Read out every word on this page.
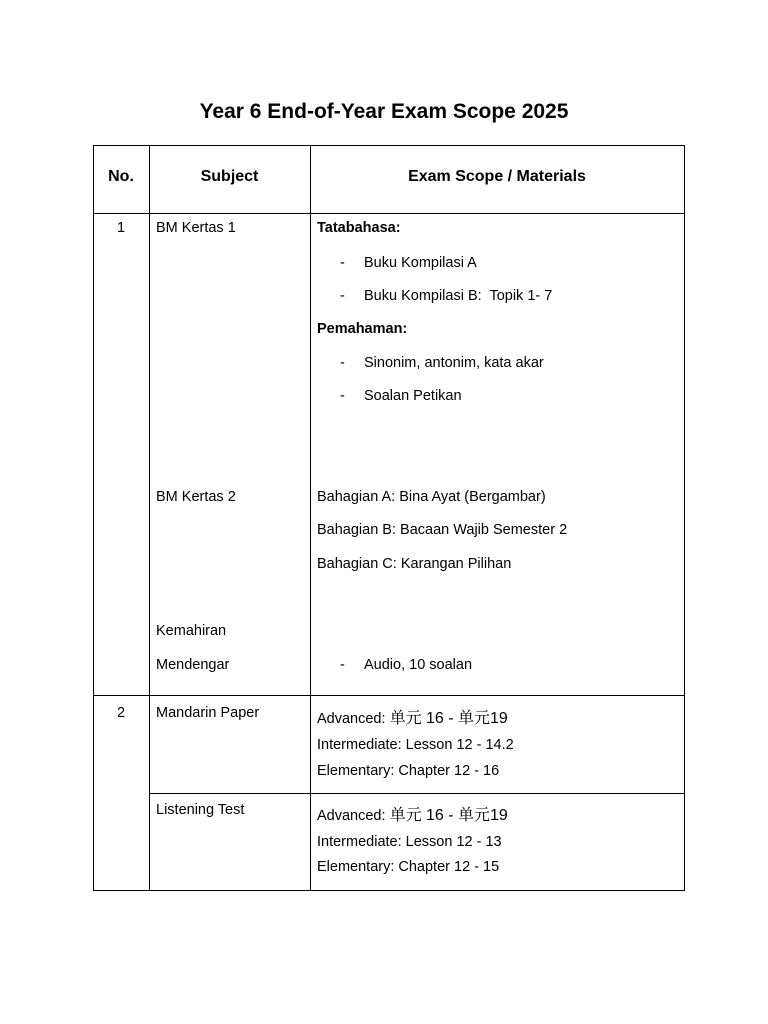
Year 6 End-of-Year Exam Scope 2025
No.	Subject	Exam Scope / Materials
1	BM Kertas 1	Tatabahasa:
- Buku Kompilasi A
- Buku Kompilasi B:  Topik 1- 7
Pemahaman:
- Sinonim, antonim, kata akar
- Soalan Petikan
BM Kertas 2	Bahagian A: Bina Ayat (Bergambar)
Bahagian B: Bacaan Wajib Semester 2
Bahagian C: Karangan Pilihan
Kemahiran
Mendengar	- Audio, 10 soalan
2	Mandarin Paper	Advanced: 单元 16 - 单元19
Intermediate: Lesson 12 - 14.2
Elementary: Chapter 12 - 16
Listening Test	Advanced: 单元 16 - 单元19
Intermediate: Lesson 12 - 13
Elementary: Chapter 12 - 15
